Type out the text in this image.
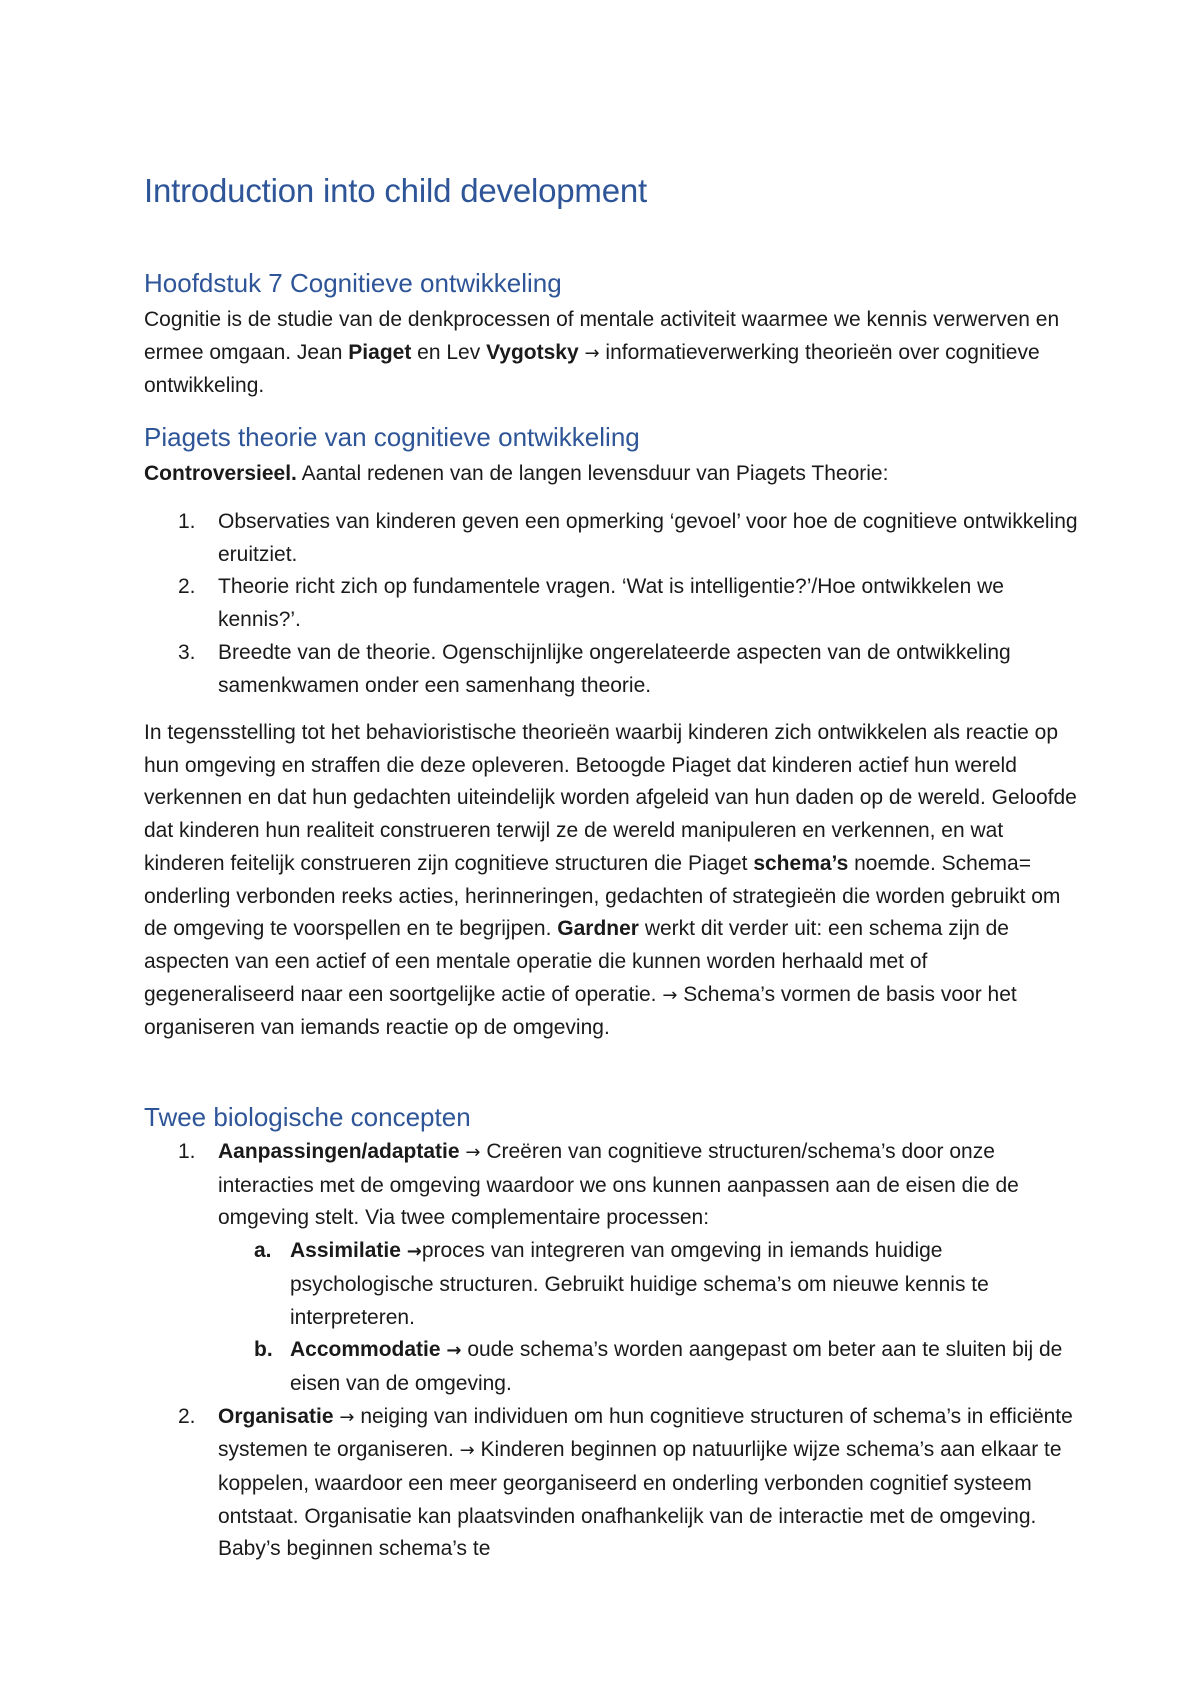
Introduction into child development
Hoofdstuk 7 Cognitieve ontwikkeling

Cognitie is de studie van de denkprocessen of mentale activiteit waarmee we kennis verwerven en ermee omgaan. Jean Piaget en Lev Vygotsky → informatieverwerking theorieën over cognitieve ontwikkeling.

Piagets theorie van cognitieve ontwikkeling

Controversieel. Aantal redenen van de langen levensduur van Piagets Theorie:

1. Observaties van kinderen geven een opmerking ‘gevoel’ voor hoe de cognitieve ontwikkeling eruitziet.
2. Theorie richt zich op fundamentele vragen. ‘Wat is intelligentie?’/Hoe ontwikkelen we kennis?’.
3. Breedte van de theorie. Ogenschijnlijke ongerelateerde aspecten van de ontwikkeling samenkwamen onder een samenhang theorie.

In tegensstelling tot het behavioristische theorieën waarbij kinderen zich ontwikkelen als reactie op hun omgeving en straffen die deze opleveren. Betoogde Piaget dat kinderen actief hun wereld verkennen en dat hun gedachten uiteindelijk worden afgeleid van hun daden op de wereld. Geloofde dat kinderen hun realiteit construeren terwijl ze de wereld manipuleren en verkennen, en wat kinderen feitelijk construeren zijn cognitieve structuren die Piaget schema’s noemde. Schema= onderling verbonden reeks acties, herinneringen, gedachten of strategieën die worden gebruikt om de omgeving te voorspellen en te begrijpen. Gardner werkt dit verder uit: een schema zijn de aspecten van een actief of een mentale operatie die kunnen worden herhaald met of gegeneraliseerd naar een soortgelijke actie of operatie. → Schema’s vormen de basis voor het organiseren van iemands reactie op de omgeving.

Twee biologische concepten
1. Aanpassingen/adaptatie → Creëren van cognitieve structuren/schema’s door onze interacties met de omgeving waardoor we ons kunnen aanpassen aan de eisen die de omgeving stelt. Via twee complementaire processen:
a. Assimilatie →proces van integreren van omgeving in iemands huidige psychologische structuren. Gebruikt huidige schema’s om nieuwe kennis te interpreteren.
b. Accommodatie → oude schema’s worden aangepast om beter aan te sluiten bij de eisen van de omgeving.
2. Organisatie → neiging van individuen om hun cognitieve structuren of schema’s in efficiënte systemen te organiseren. → Kinderen beginnen op natuurlijke wijze schema’s aan elkaar te koppelen, waardoor een meer georganiseerd en onderling verbonden cognitief systeem ontstaat. Organisatie kan plaatsvinden onafhankelijk van de interactie met de omgeving. Baby’s beginnen schema’s te
